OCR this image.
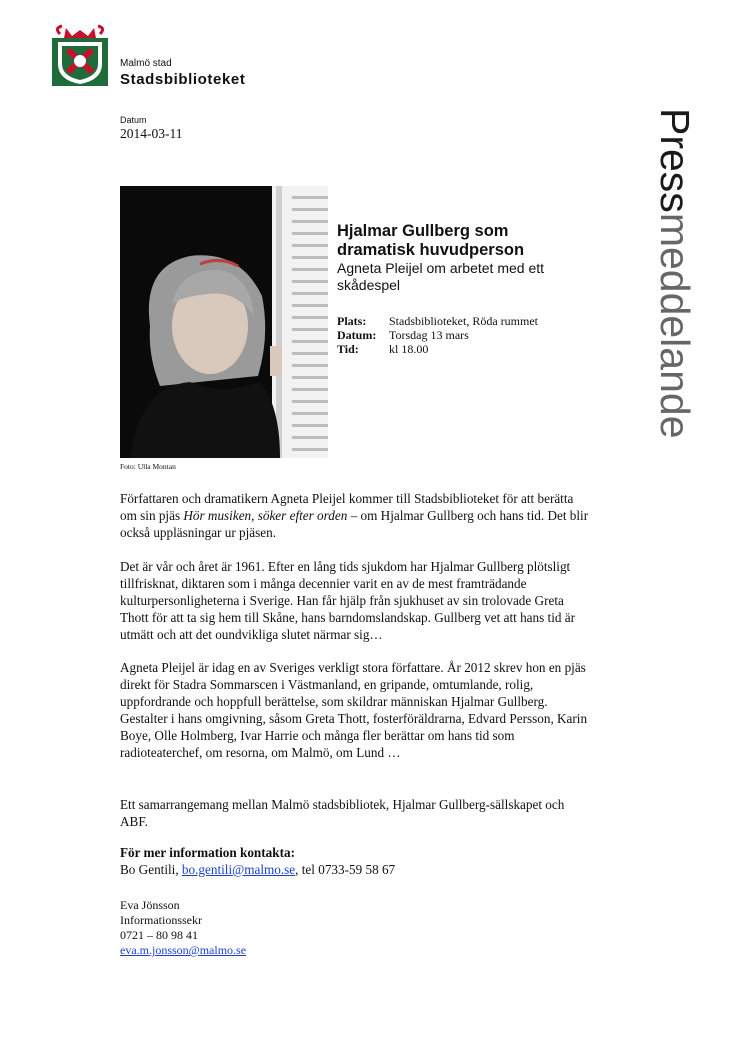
Malmö stad
Stadsbiblioteket
Pressmeddelande
Datum
2014-03-11
Foto: Ulla Montan
Hjalmar Gullberg som dramatisk huvudperson
Agneta Pleijel om arbetet med ett skådespel
Plats:	Stadsbiblioteket, Röda rummet
Datum:	Torsdag 13 mars
Tid:	kl 18.00
Författaren och dramatikern Agneta Pleijel kommer till Stadsbiblioteket för att berätta om sin pjäs Hör musiken, söker efter orden – om Hjalmar Gullberg och hans tid. Det blir också uppläsningar ur pjäsen.
Det är vår och året är 1961. Efter en lång tids sjukdom har Hjalmar Gullberg plötsligt tillfrisknat, diktaren som i många decennier varit en av de mest framträdande kulturpersonligheterna i Sverige. Han får hjälp från sjukhuset av sin trolovade Greta Thott för att ta sig hem till Skåne, hans barndomslandskap. Gullberg vet att hans tid är utmätt och att det oundvikliga slutet närmar sig…
Agneta Pleijel är idag en av Sveriges verkligt stora författare. År 2012 skrev hon en pjäs direkt för Stadra Sommarscen i Västmanland, en gripande, omtumlande, rolig, uppfordrande och hoppfull berättelse, som skildrar människan Hjalmar Gullberg. Gestalter i hans omgivning, såsom Greta Thott, fosterföräldrarna, Edvard Persson, Karin Boye, Olle Holmberg, Ivar Harrie och många fler berättar om hans tid som radioteaterchef, om resorna, om Malmö, om Lund …
Ett samarrangemang mellan Malmö stadsbibliotek, Hjalmar Gullberg-sällskapet och ABF.
För mer information kontakta:
Bo Gentili, bo.gentili@malmo.se, tel 0733-59 58 67
Eva Jönsson
Informationssekr
0721 – 80 98 41
eva.m.jonsson@malmo.se
